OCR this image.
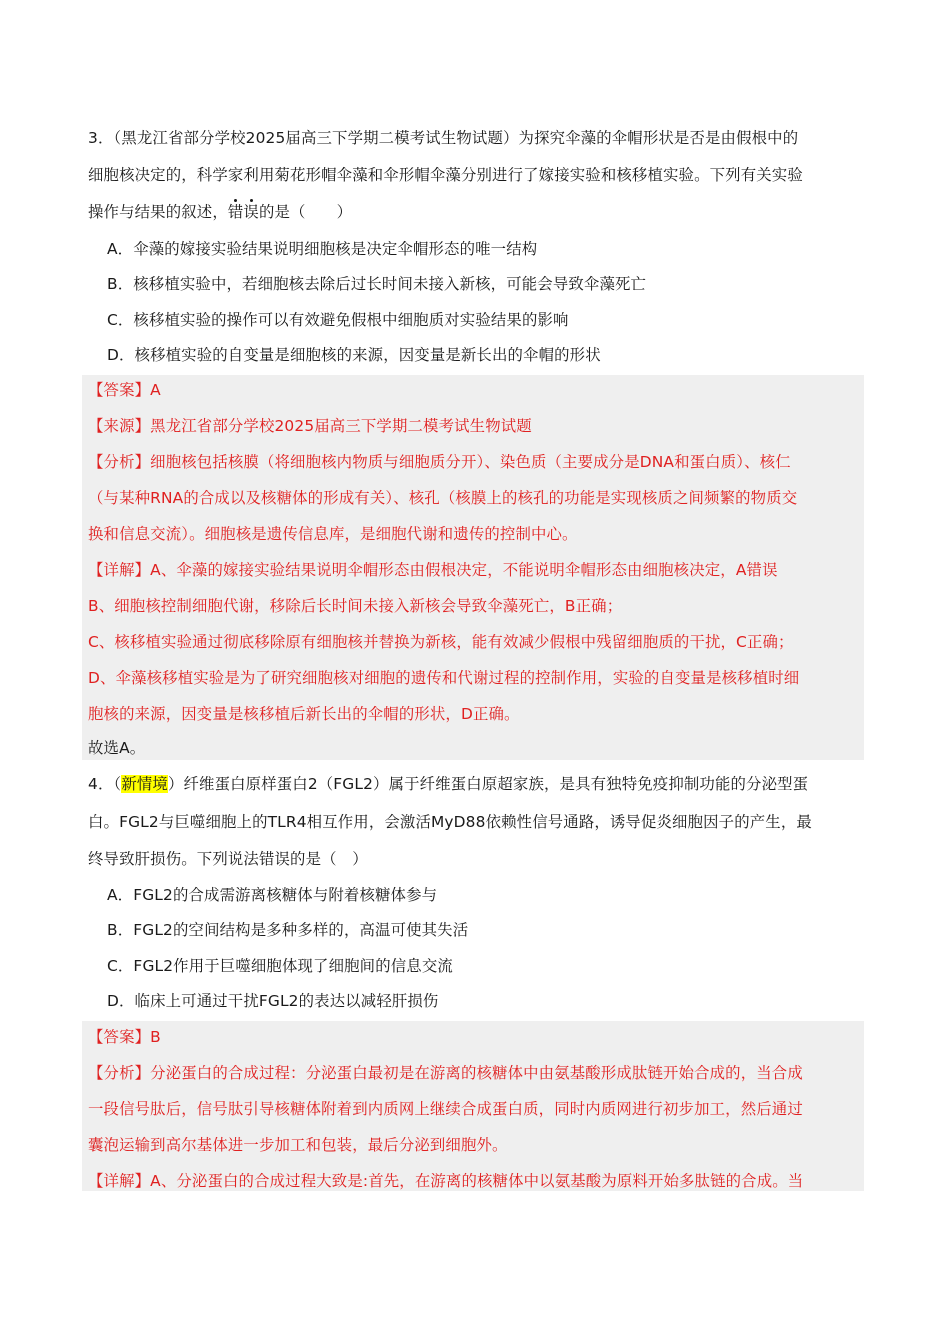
3．（黑龙江省部分学校2025届高三下学期二模考试生物试题）为探究伞藻的伞帽形状是否是由假根中的
细胞核决定的，科学家利用菊花形帽伞藻和伞形帽伞藻分别进行了嫁接实验和核移植实验。下列有关实验
操作与结果的叙述，错误的是（　　）
A．伞藻的嫁接实验结果说明细胞核是决定伞帽形态的唯一结构
B．核移植实验中，若细胞核去除后过长时间未接入新核，可能会导致伞藻死亡
C．核移植实验的操作可以有效避免假根中细胞质对实验结果的影响
D．核移植实验的自变量是细胞核的来源，因变量是新长出的伞帽的形状
【答案】A
【来源】黑龙江省部分学校2025届高三下学期二模考试生物试题
【分析】细胞核包括核膜（将细胞核内物质与细胞质分开）、染色质（主要成分是DNA和蛋白质）、核仁
（与某种RNA的合成以及核糖体的形成有关）、核孔（核膜上的核孔的功能是实现核质之间频繁的物质交
换和信息交流）。细胞核是遗传信息库，是细胞代谢和遗传的控制中心。
【详解】A、伞藻的嫁接实验结果说明伞帽形态由假根决定，不能说明伞帽形态由细胞核决定，A错误
B、细胞核控制细胞代谢，移除后长时间未接入新核会导致伞藻死亡，B正确；
C、核移植实验通过彻底移除原有细胞核并替换为新核，能有效减少假根中残留细胞质的干扰，C正确；
D、伞藻核移植实验是为了研究细胞核对细胞的遗传和代谢过程的控制作用，实验的自变量是核移植时细
胞核的来源，因变量是核移植后新长出的伞帽的形状，D正确。
故选A。
4．（新情境）纤维蛋白原样蛋白2（FGL2）属于纤维蛋白原超家族，是具有独特免疫抑制功能的分泌型蛋
白。FGL2与巨噬细胞上的TLR4相互作用，会激活MyD88依赖性信号通路，诱导促炎细胞因子的产生，最
终导致肝损伤。下列说法错误的是（　）
A．FGL2的合成需游离核糖体与附着核糖体参与
B．FGL2的空间结构是多种多样的，高温可使其失活
C．FGL2作用于巨噬细胞体现了细胞间的信息交流
D．临床上可通过干扰FGL2的表达以减轻肝损伤
【答案】B
【分析】分泌蛋白的合成过程：分泌蛋白最初是在游离的核糖体中由氨基酸形成肽链开始合成的，当合成
一段信号肽后，信号肽引导核糖体附着到内质网上继续合成蛋白质，同时内质网进行初步加工，然后通过
囊泡运输到高尔基体进一步加工和包装，最后分泌到细胞外。
【详解】A、分泌蛋白的合成过程大致是:首先，在游离的核糖体中以氨基酸为原料开始多肽链的合成。当
